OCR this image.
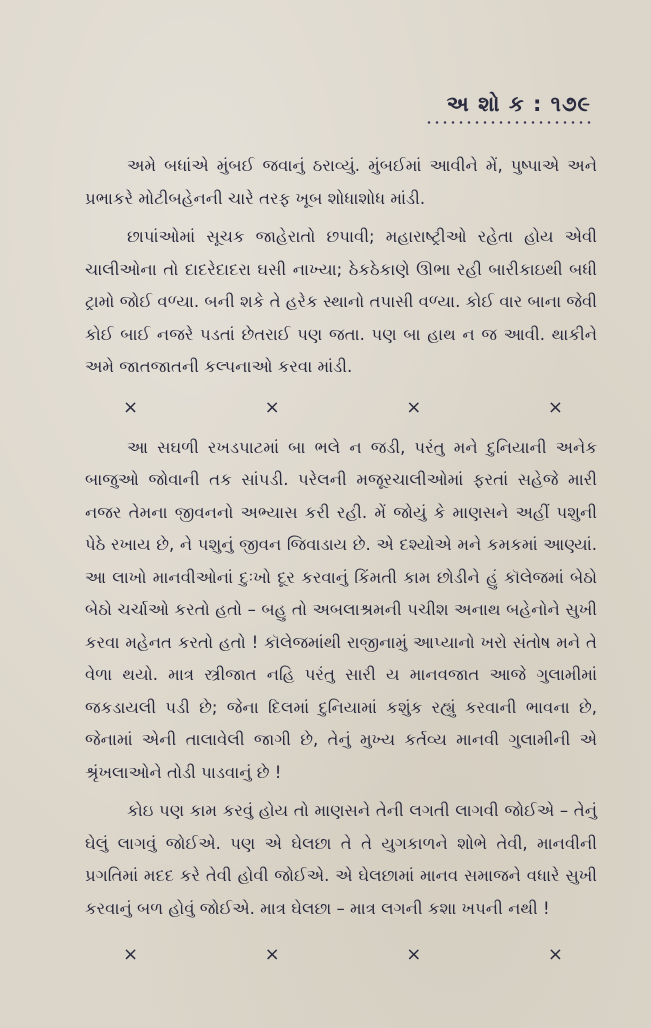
અ શો ક : ૧૭૯

અમે બધાંએ મુંબઈ જવાનું ઠરાવ્યું. મુંબઈમાં આવીને મેં, પુષ્પાએ અને પ્રભાકરે મોટીબહેનની ચારે તરફ ખૂબ શોધાશોધ માંડી.

છાપાંઓમાં સૂચક જાહેરાતો છપાવી; મહારાષ્ટ્રીઓ રહેતા હોય એવી ચાલીઓના તો દાદરેદાદરા ઘસી નાખ્યા; ઠેકઠેકાણે ઊભા રહી બારીકાઇથી બધી ટ્રામો જોઈ વળ્યા. બની શકે તે હરેક સ્થાનો તપાસી વળ્યા. કોઈ વાર બાના જેવી કોઈ બાઈ નજરે પડતાં છેતરાઈ પણ જતા. પણ બા હાથ ન જ આવી. થાકીને અમે જાતજાતની કલ્પનાઓ કરવા માંડી.

×	×	×	×

આ સઘળી રખડપાટમાં બા ભલે ન જડી, પરંતુ મને દુનિયાની અનેક બાજુઓ જોવાની તક સાંપડી. પરેલની મજૂરચાલીઓમાં ફરતાં સહેજે મારી નજર તેમના જીવનનો અભ્યાસ કરી રહી. મેં જોયું કે માણસને અહીં પશુની પેઠે રખાય છે, ને પશુનું જીવન જિવાડાય છે. એ દશ્યોએ મને કમકમાં આણ્યાં. આ લાખો માનવીઓનાં દુઃખો દૂર કરવાનું કિંમતી કામ છોડીને હું કૉલેજમાં બેઠો બેઠો ચર્ચાઓ કરતો હતો – બહુ તો અબલાશ્રમની પચીશ અનાથ બહેનોને સુખી કરવા મહેનત કરતો હતો ! કૉલેજમાંથી રાજીનામું આપ્યાનો ખરો સંતોષ મને તે વેળા થયો. માત્ર સ્ત્રીજાત નહિ પરંતુ સારી ય માનવજાત આજે ગુલામીમાં જકડાયલી પડી છે; જેના દિલમાં દુનિયામાં કશુંક રહ્યું કરવાની ભાવના છે, જેનામાં એની તાલાવેલી જાગી છે, તેનું મુખ્ય કર્તવ્ય માનવી ગુલામીની એ શ્રૃંખલાઓને તોડી પાડવાનું છે !

કોઇ પણ કામ કરવું હોય તો માણસને તેની લગતી લાગવી જોઈએ – તેનું ઘેલું લાગવું જોઈએ. પણ એ ઘેલછા તે તે યુગકાળને શોભે તેવી, માનવીની પ્રગતિમાં મદદ કરે તેવી હોવી જોઈએ. એ ઘેલછામાં માનવ સમાજને વધારે સુખી કરવાનું બળ હોવું જોઈએ. માત્ર ઘેલછા – માત્ર લગની કશા ખપની નથી !

×	×	×	×
